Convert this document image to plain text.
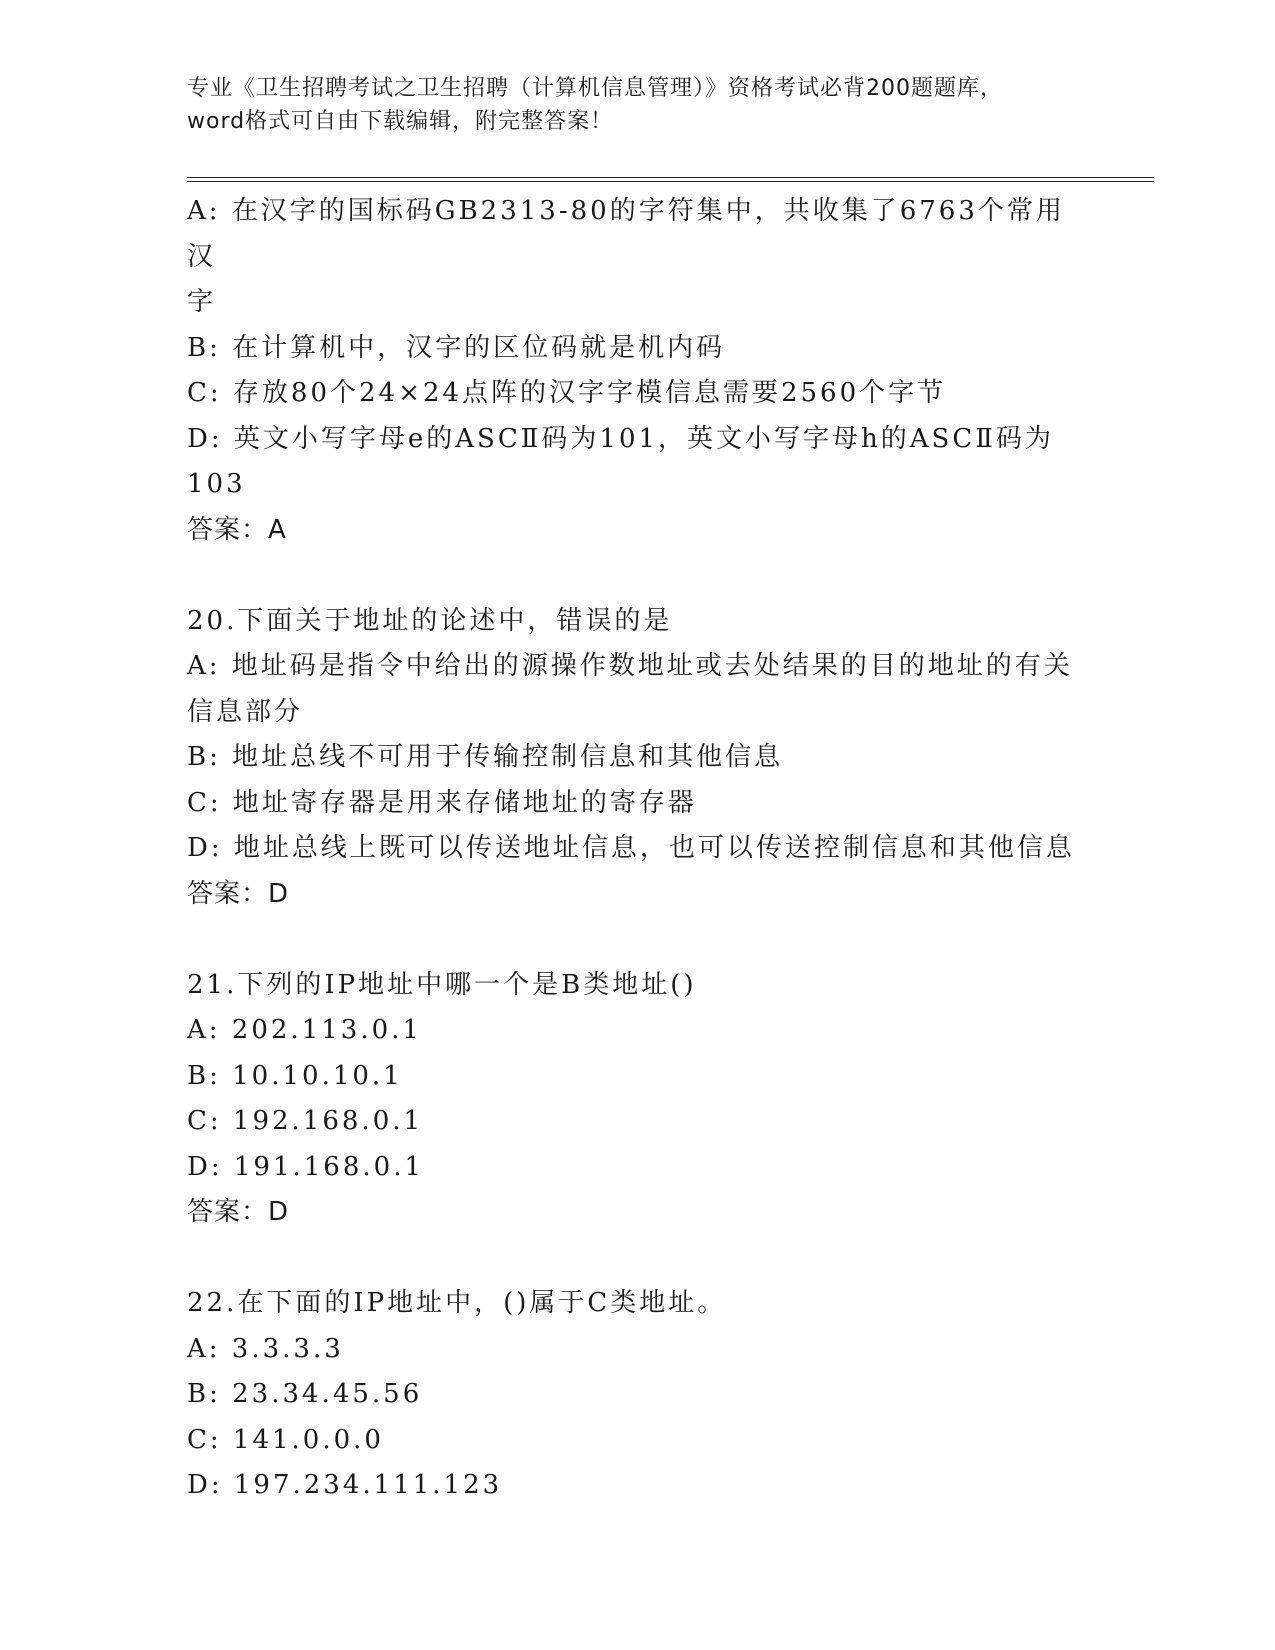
专业《卫生招聘考试之卫生招聘（计算机信息管理）》资格考试必背200题题库，
word格式可自由下载编辑，附完整答案！
A: 在汉字的国标码GB2313-80的字符集中，共收集了6763个常用汉
字
B: 在计算机中，汉字的区位码就是机内码
C: 存放80个24×24点阵的汉字字模信息需要2560个字节
D: 英文小写字母e的ASCⅡ码为101，英文小写字母h的ASCⅡ码为
103
答案：A
20.下面关于地址的论述中，错误的是
A: 地址码是指令中给出的源操作数地址或去处结果的目的地址的有关
信息部分
B: 地址总线不可用于传输控制信息和其他信息
C: 地址寄存器是用来存储地址的寄存器
D: 地址总线上既可以传送地址信息，也可以传送控制信息和其他信息
答案：D
21.下列的IP地址中哪一个是B类地址()
A: 202.113.0.1
B: 10.10.10.1
C: 192.168.0.1
D: 191.168.0.1
答案：D
22.在下面的IP地址中，()属于C类地址。
A: 3.3.3.3
B: 23.34.45.56
C: 141.0.0.0
D: 197.234.111.123
